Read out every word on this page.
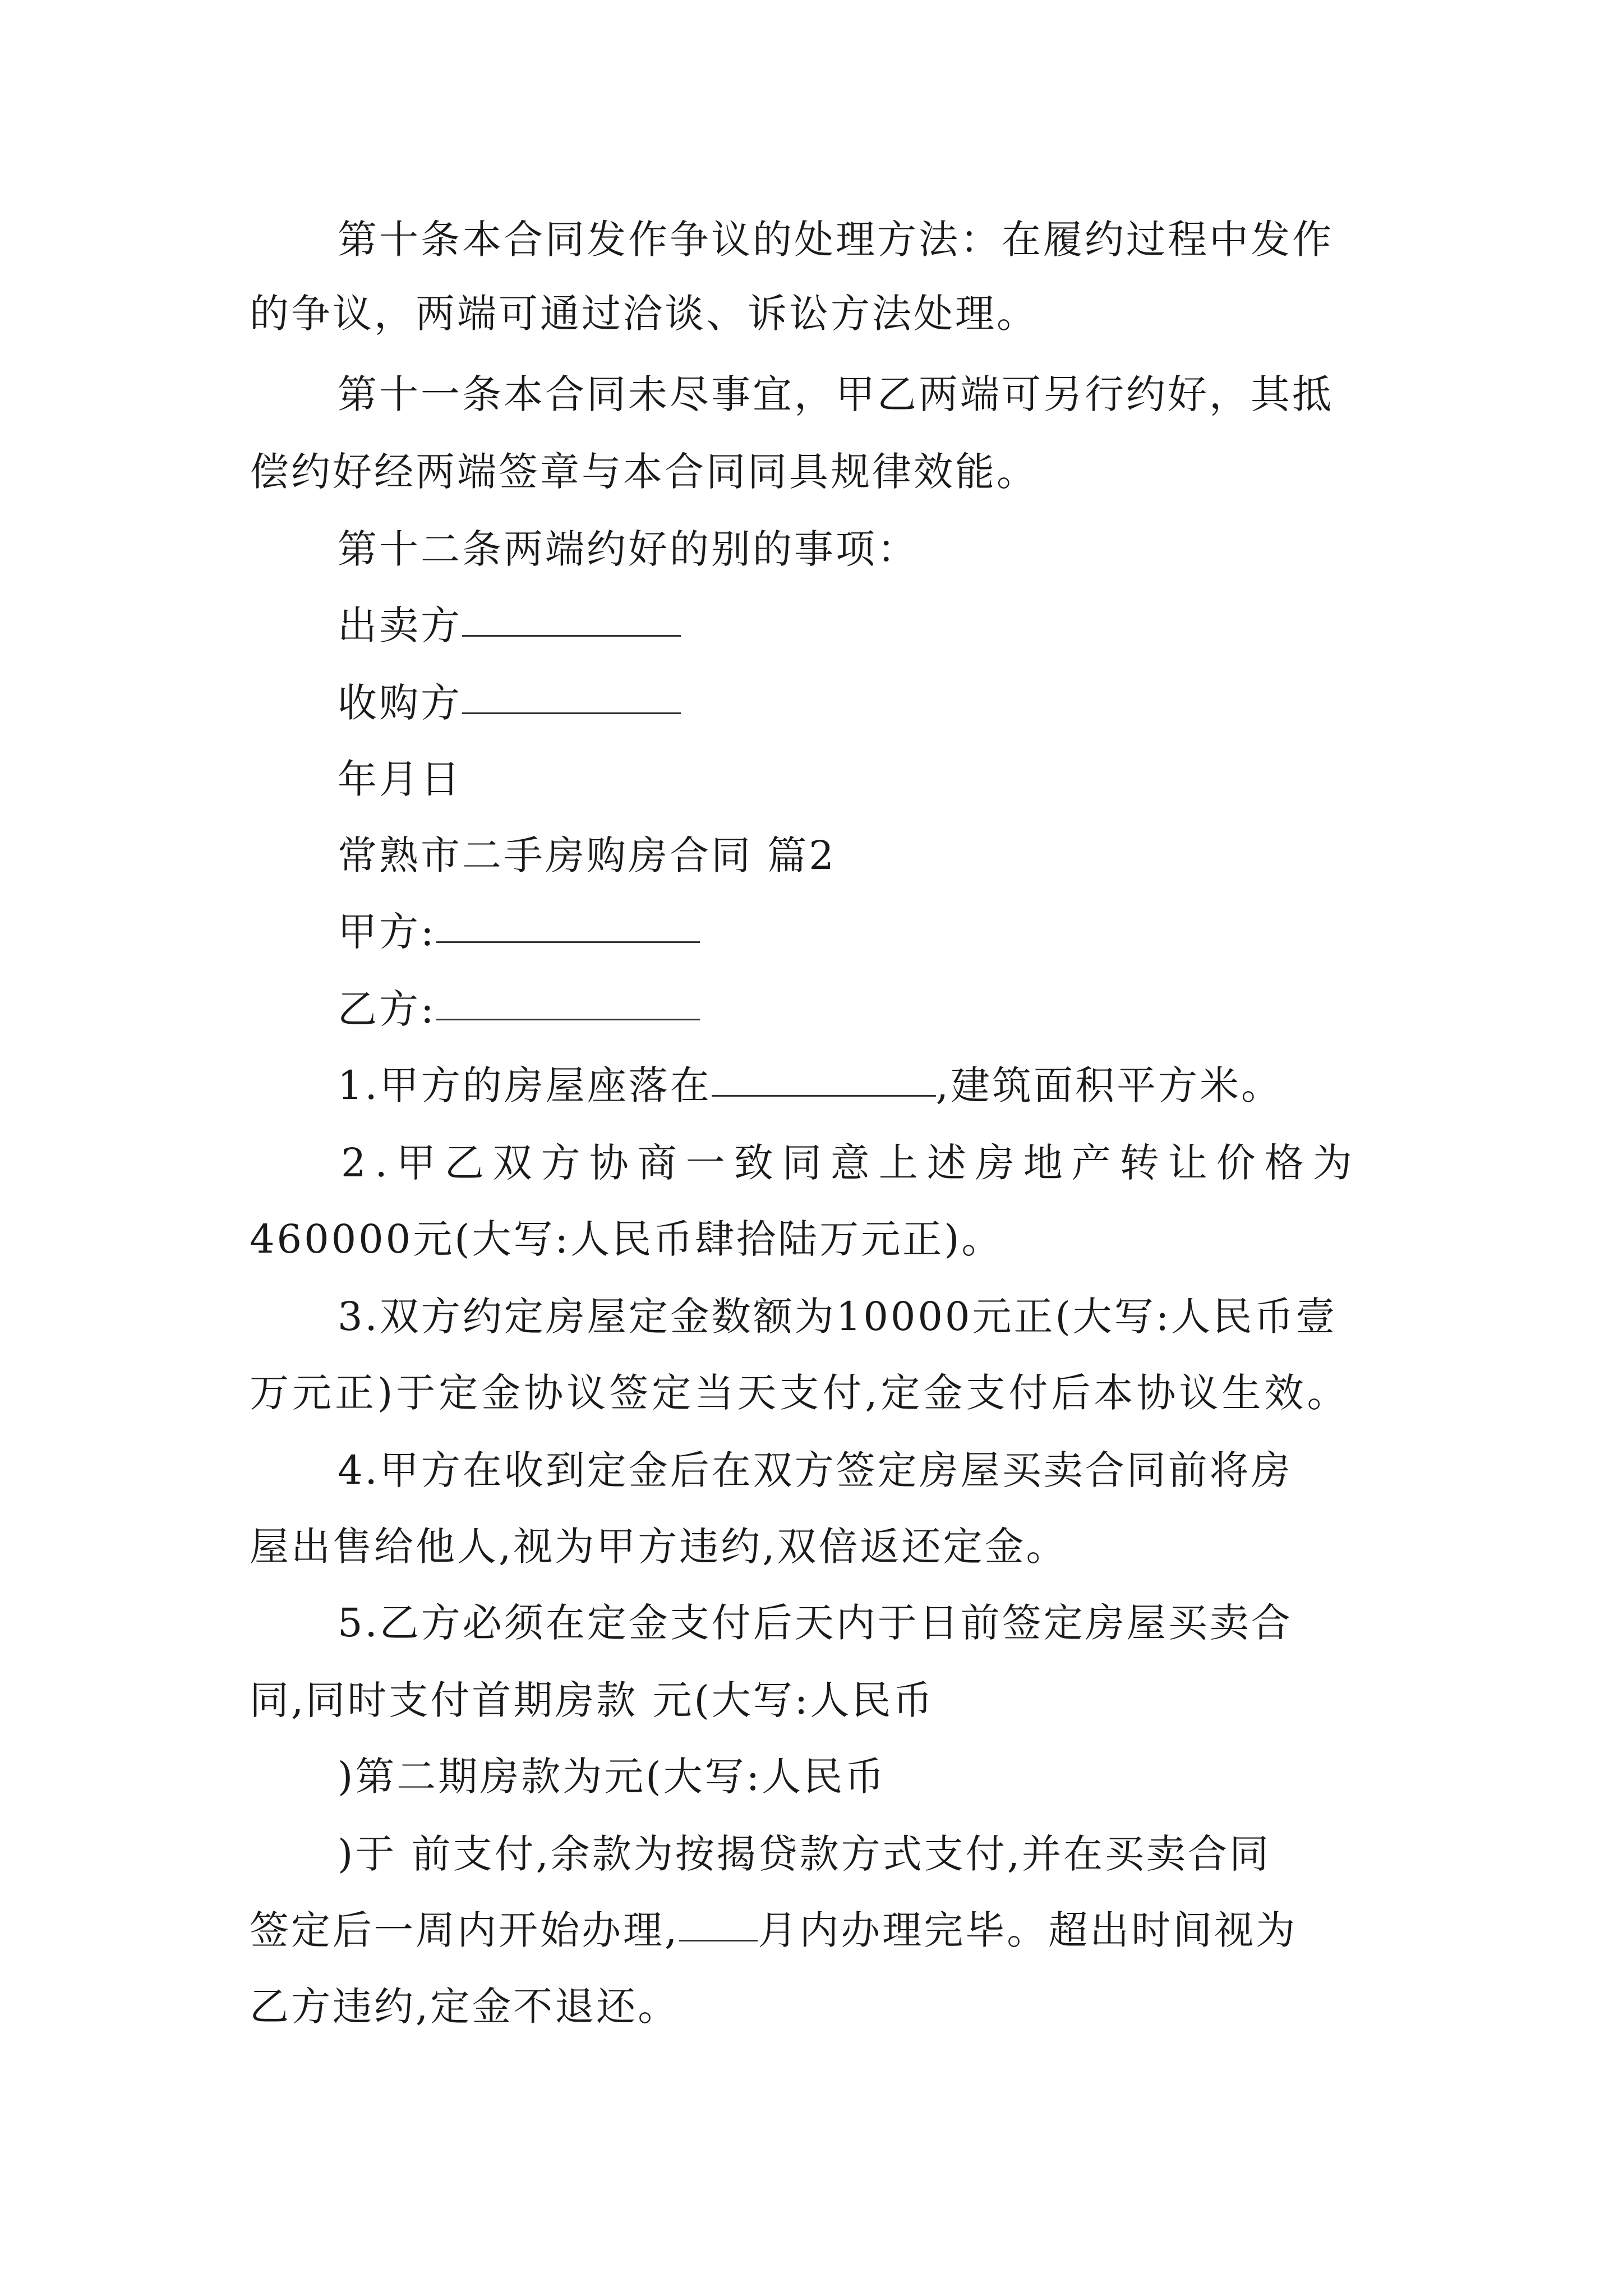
第十条本合同发作争议的处理方法：在履约过程中发作
的争议，两端可通过洽谈、诉讼方法处理。
第十一条本合同未尽事宜，甲乙两端可另行约好，其抵
偿约好经两端签章与本合同同具规律效能。
第十二条两端约好的别的事项：
出卖方
收购方
年月日
常熟市二手房购房合同 篇2
甲方:
乙方:
1.甲方的房屋座落在	,建筑面积平方米。
2.甲乙双方协商一致同意上述房地产转让价格为
460000元(大写:人民币肆拾陆万元正)。
3.双方约定房屋定金数额为10000元正(大写:人民币壹
万元正)于定金协议签定当天支付,定金支付后本协议生效。
4.甲方在收到定金后在双方签定房屋买卖合同前将房
屋出售给他人,视为甲方违约,双倍返还定金。
5.乙方必须在定金支付后天内于日前签定房屋买卖合
同,同时支付首期房款 元(大写:人民币
)第二期房款为元(大写:人民币
)于 前支付,余款为按揭贷款方式支付,并在买卖合同
签定后一周内开始办理, 月内办理完毕。超出时间视为
乙方违约,定金不退还。
